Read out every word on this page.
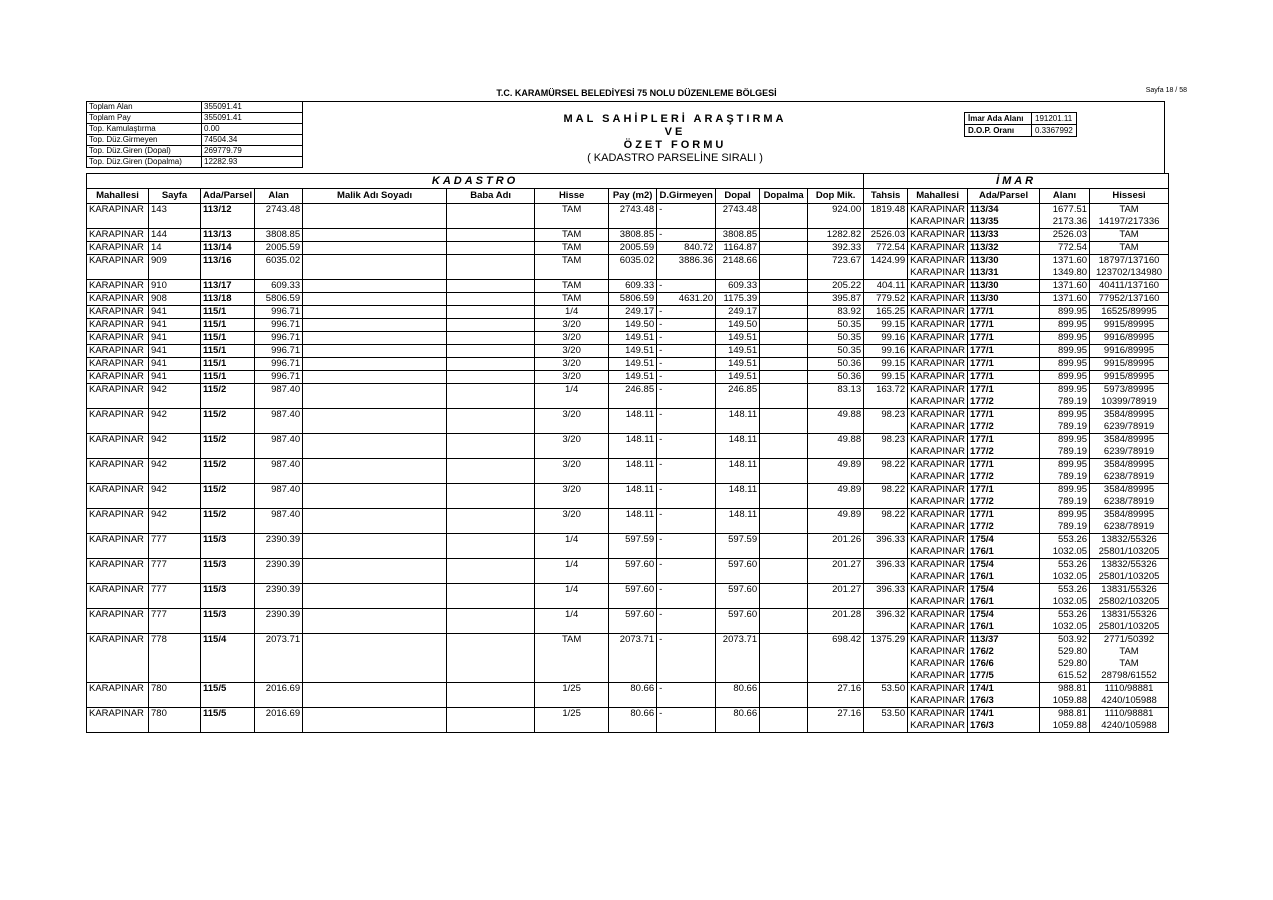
T.C. KARAMÜRSEL BELEDİYESİ 75 NOLU DÜZENLEME BÖLGESİ	Sayfa 18 / 58
Toplam Alan	355091.41
Toplam Pay	355091.41
Top. Kamulaştırma	0.00
Top. Düz.Girmeyen	74504.34
Top. Düz.Giren (Dopal)	269779.79
Top. Düz.Giren (Dopalma)	12282.93
MAL SAHİPLERİ ARAŞTIRMA
VE
ÖZET FORMU
( KADASTRO PARSELİNE SIRALI )
İmar Ada Alanı	191201.11
D.O.P. Oranı	0.3367992
KADASTRO												İMAR				
Mahallesi	Sayfa	Ada/Parsel	Alan	Malik Adı Soyadı	Baba Adı	Hisse	Pay (m2)	D.Girmeyen	Dopal	Dopalma	Dop Mik.	Tahsis	Mahallesi	Ada/Parsel	Alanı	Hissesi
KARAPINAR	143	113/12	2743.48			TAM	2743.48	-	2743.48		924.00	1819.48	KARAPINAR	113/34	1677.51	TAM
													KARAPINAR	113/35	2173.36	14197/217336
KARAPINAR	144	113/13	3808.85			TAM	3808.85	-	3808.85		1282.82	2526.03	KARAPINAR	113/33	2526.03	TAM
KARAPINAR	14	113/14	2005.59			TAM	2005.59	840.72	1164.87		392.33	772.54	KARAPINAR	113/32	772.54	TAM
KARAPINAR	909	113/16	6035.02			TAM	6035.02	3886.36	2148.66		723.67	1424.99	KARAPINAR	113/30	1371.60	18797/137160
													KARAPINAR	113/31	1349.80	123702/134980
KARAPINAR	910	113/17	609.33			TAM	609.33	-	609.33		205.22	404.11	KARAPINAR	113/30	1371.60	40411/137160
KARAPINAR	908	113/18	5806.59			TAM	5806.59	4631.20	1175.39		395.87	779.52	KARAPINAR	113/30	1371.60	77952/137160
KARAPINAR	941	115/1	996.71			1/4	249.17	-	249.17		83.92	165.25	KARAPINAR	177/1	899.95	16525/89995
KARAPINAR	941	115/1	996.71			3/20	149.50	-	149.50		50.35	99.15	KARAPINAR	177/1	899.95	9915/89995
KARAPINAR	941	115/1	996.71			3/20	149.51	-	149.51		50.35	99.16	KARAPINAR	177/1	899.95	9916/89995
KARAPINAR	941	115/1	996.71			3/20	149.51	-	149.51		50.35	99.16	KARAPINAR	177/1	899.95	9916/89995
KARAPINAR	941	115/1	996.71			3/20	149.51	-	149.51		50.36	99.15	KARAPINAR	177/1	899.95	9915/89995
KARAPINAR	941	115/1	996.71			3/20	149.51	-	149.51		50.36	99.15	KARAPINAR	177/1	899.95	9915/89995
KARAPINAR	942	115/2	987.40			1/4	246.85	-	246.85		83.13	163.72	KARAPINAR	177/1	899.95	5973/89995
													KARAPINAR	177/2	789.19	10399/78919
KARAPINAR	942	115/2	987.40			3/20	148.11	-	148.11		49.88	98.23	KARAPINAR	177/1	899.95	3584/89995
													KARAPINAR	177/2	789.19	6239/78919
KARAPINAR	942	115/2	987.40			3/20	148.11	-	148.11		49.88	98.23	KARAPINAR	177/1	899.95	3584/89995
													KARAPINAR	177/2	789.19	6239/78919
KARAPINAR	942	115/2	987.40			3/20	148.11	-	148.11		49.89	98.22	KARAPINAR	177/1	899.95	3584/89995
													KARAPINAR	177/2	789.19	6238/78919
KARAPINAR	942	115/2	987.40			3/20	148.11	-	148.11		49.89	98.22	KARAPINAR	177/1	899.95	3584/89995
													KARAPINAR	177/2	789.19	6238/78919
KARAPINAR	942	115/2	987.40			3/20	148.11	-	148.11		49.89	98.22	KARAPINAR	177/1	899.95	3584/89995
													KARAPINAR	177/2	789.19	6238/78919
KARAPINAR	777	115/3	2390.39			1/4	597.59	-	597.59		201.26	396.33	KARAPINAR	175/4	553.26	13832/55326
													KARAPINAR	176/1	1032.05	25801/103205
KARAPINAR	777	115/3	2390.39			1/4	597.60	-	597.60		201.27	396.33	KARAPINAR	175/4	553.26	13832/55326
													KARAPINAR	176/1	1032.05	25801/103205
KARAPINAR	777	115/3	2390.39			1/4	597.60	-	597.60		201.27	396.33	KARAPINAR	175/4	553.26	13831/55326
													KARAPINAR	176/1	1032.05	25802/103205
KARAPINAR	777	115/3	2390.39			1/4	597.60	-	597.60		201.28	396.32	KARAPINAR	175/4	553.26	13831/55326
													KARAPINAR	176/1	1032.05	25801/103205
KARAPINAR	778	115/4	2073.71			TAM	2073.71	-	2073.71		698.42	1375.29	KARAPINAR	113/37	503.92	2771/50392
													KARAPINAR	176/2	529.80	TAM
													KARAPINAR	176/6	529.80	TAM
													KARAPINAR	177/5	615.52	28798/61552
KARAPINAR	780	115/5	2016.69			1/25	80.66	-	80.66		27.16	53.50	KARAPINAR	174/1	988.81	1110/98881
													KARAPINAR	176/3	1059.88	4240/105988
KARAPINAR	780	115/5	2016.69			1/25	80.66	-	80.66		27.16	53.50	KARAPINAR	174/1	988.81	1110/98881
													KARAPINAR	176/3	1059.88	4240/105988
